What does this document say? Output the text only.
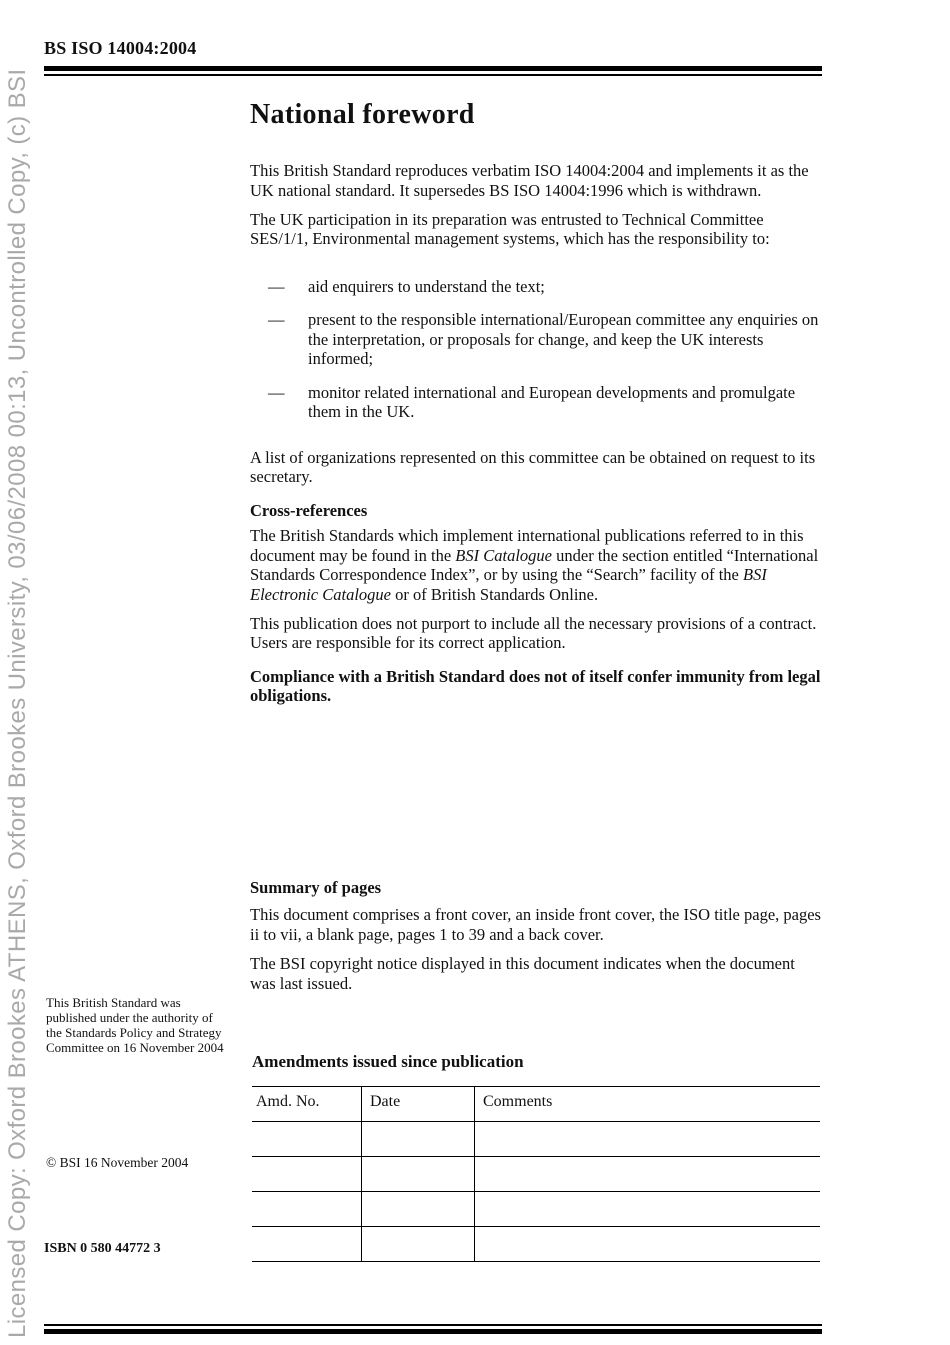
Licensed Copy: Oxford Brookes ATHENS, Oxford Brookes University, 03/06/2008 00:13, Uncontrolled Copy, (c) BSI
BS ISO 14004:2004
National foreword

This British Standard reproduces verbatim ISO 14004:2004 and implements it as the UK national standard. It supersedes BS ISO 14004:1996 which is withdrawn.

The UK participation in its preparation was entrusted to Technical Committee SES/1/1, Environmental management systems, which has the responsibility to:

—	aid enquirers to understand the text;
—	present to the responsible international/European committee any enquiries on the interpretation, or proposals for change, and keep the UK interests informed;
—	monitor related international and European developments and promulgate them in the UK.

A list of organizations represented on this committee can be obtained on request to its secretary.

Cross-references

The British Standards which implement international publications referred to in this document may be found in the BSI Catalogue under the section entitled “International Standards Correspondence Index”, or by using the “Search” facility of the BSI Electronic Catalogue or of British Standards Online.

This publication does not purport to include all the necessary provisions of a contract. Users are responsible for its correct application.

Compliance with a British Standard does not of itself confer immunity from legal obligations.

Summary of pages

This document comprises a front cover, an inside front cover, the ISO title page, pages ii to vii, a blank page, pages 1 to 39 and a back cover.

The BSI copyright notice displayed in this document indicates when the document was last issued.

This British Standard was published under the authority of the Standards Policy and Strategy Committee on 16 November 2004
© BSI 16 November 2004
ISBN 0 580 44772 3
Amendments issued since publication
Amd. No.	Date	Comments
